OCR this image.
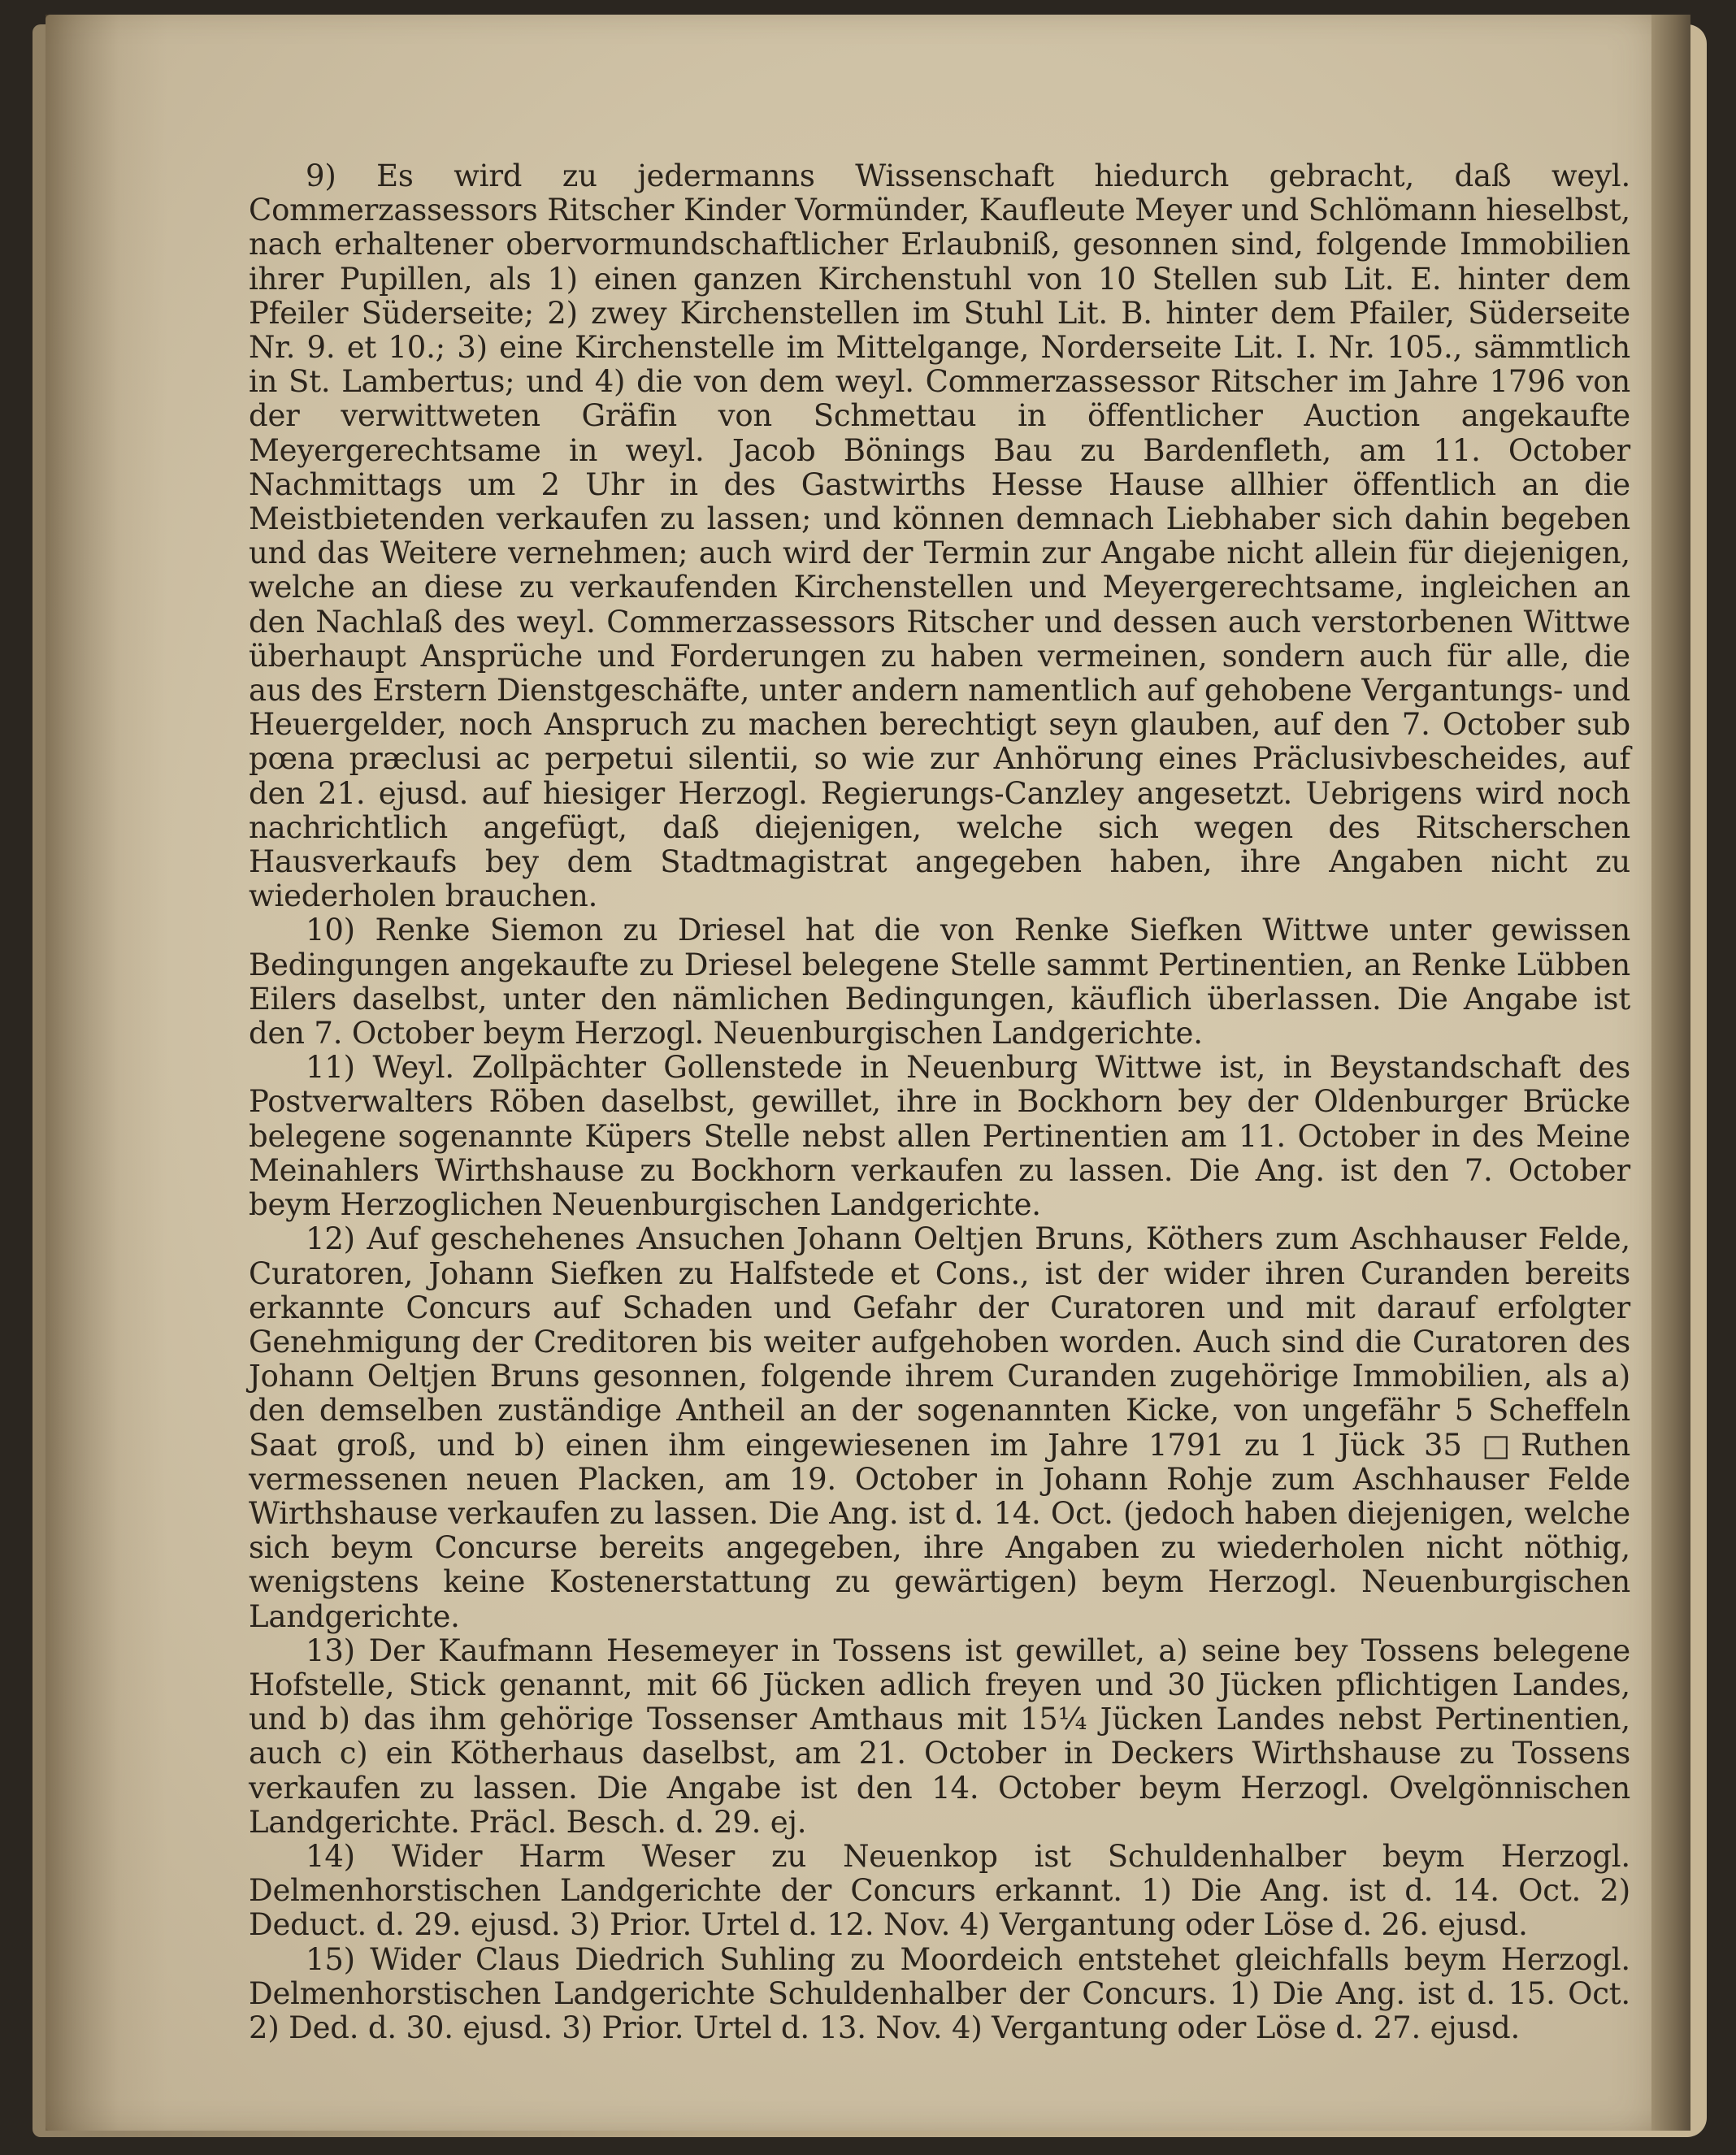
9) Es wird zu jedermanns Wissenschaft hiedurch gebracht, daß weyl. Commerzassessors Ritscher Kinder Vormünder, Kaufleute Meyer und Schlömann hieselbst, nach erhaltener obervormundschaftlicher Erlaubniß, gesonnen sind, folgende Immobilien ihrer Pupillen, als 1) einen ganzen Kirchenstuhl von 10 Stellen sub Lit. E. hinter dem Pfeiler Süderseite; 2) zwey Kirchenstellen im Stuhl Lit. B. hinter dem Pfailer, Süderseite Nr. 9. et 10.; 3) eine Kirchenstelle im Mittelgange, Norderseite Lit. I. Nr. 105., sämmtlich in St. Lambertus; und 4) die von dem weyl. Commerzassessor Ritscher im Jahre 1796 von der verwittweten Gräfin von Schmettau in öffentlicher Auction angekaufte Meyergerechtsame in weyl. Jacob Bönings Bau zu Bardenfleth, am 11. October Nachmittags um 2 Uhr in des Gastwirths Hesse Hause allhier öffentlich an die Meistbietenden verkaufen zu lassen; und können demnach Liebhaber sich dahin begeben und das Weitere vernehmen; auch wird der Termin zur Angabe nicht allein für diejenigen, welche an diese zu verkaufenden Kirchenstellen und Meyergerechtsame, ingleichen an den Nachlaß des weyl. Commerzassessors Ritscher und dessen auch verstorbenen Wittwe überhaupt Ansprüche und Forderungen zu haben vermeinen, sondern auch für alle, die aus des Erstern Dienstgeschäfte, unter andern namentlich auf gehobene Vergantungs- und Heuergelder, noch Anspruch zu machen berechtigt seyn glauben, auf den 7. October sub pœna præclusi ac perpetui silentii, so wie zur Anhörung eines Präclusivbescheides, auf den 21. ejusd. auf hiesiger Herzogl. Regierungs-Canzley angesetzt. Uebrigens wird noch nachrichtlich angefügt, daß diejenigen, welche sich wegen des Ritscherschen Hausverkaufs bey dem Stadtmagistrat angegeben haben, ihre Angaben nicht zu wiederholen brauchen.

10) Renke Siemon zu Driesel hat die von Renke Siefken Wittwe unter gewissen Bedingungen angekaufte zu Driesel belegene Stelle sammt Pertinentien, an Renke Lübben Eilers daselbst, unter den nämlichen Bedingungen, käuflich überlassen. Die Angabe ist den 7. October beym Herzogl. Neuenburgischen Landgerichte.

11) Weyl. Zollpächter Gollenstede in Neuenburg Wittwe ist, in Beystandschaft des Postverwalters Röben daselbst, gewillet, ihre in Bockhorn bey der Oldenburger Brücke belegene sogenannte Küpers Stelle nebst allen Pertinentien am 11. October in des Meine Meinahlers Wirthshause zu Bockhorn verkaufen zu lassen. Die Ang. ist den 7. October beym Herzoglichen Neuenburgischen Landgerichte.

12) Auf geschehenes Ansuchen Johann Oeltjen Bruns, Köthers zum Aschhauser Felde, Curatoren, Johann Siefken zu Halfstede et Cons., ist der wider ihren Curanden bereits erkannte Concurs auf Schaden und Gefahr der Curatoren und mit darauf erfolgter Genehmigung der Creditoren bis weiter aufgehoben worden. Auch sind die Curatoren des Johann Oeltjen Bruns gesonnen, folgende ihrem Curanden zugehörige Immobilien, als a) den demselben zuständige Antheil an der sogenannten Kicke, von ungefähr 5 Scheffeln Saat groß, und b) einen ihm eingewiesenen im Jahre 1791 zu 1 Jück 35 □Ruthen vermessenen neuen Placken, am 19. October in Johann Rohje zum Aschhauser Felde Wirthshause verkaufen zu lassen. Die Ang. ist d. 14. Oct. (jedoch haben diejenigen, welche sich beym Concurse bereits angegeben, ihre Angaben zu wiederholen nicht nöthig, wenigstens keine Kostenerstattung zu gewärtigen) beym Herzogl. Neuenburgischen Landgerichte.

13) Der Kaufmann Hesemeyer in Tossens ist gewillet, a) seine bey Tossens belegene Hofstelle, Stick genannt, mit 66 Jücken adlich freyen und 30 Jücken pflichtigen Landes, und b) das ihm gehörige Tossenser Amthaus mit 15¼ Jücken Landes nebst Pertinentien, auch c) ein Kötherhaus daselbst, am 21. October in Deckers Wirthshause zu Tossens verkaufen zu lassen. Die Angabe ist den 14. October beym Herzogl. Ovelgönnischen Landgerichte. Präcl. Besch. d. 29. ej.

14) Wider Harm Weser zu Neuenkop ist Schuldenhalber beym Herzogl. Delmenhorstischen Landgerichte der Concurs erkannt. 1) Die Ang. ist d. 14. Oct. 2) Deduct. d. 29. ejusd. 3) Prior. Urtel d. 12. Nov. 4) Vergantung oder Löse d. 26. ejusd.

15) Wider Claus Diedrich Suhling zu Moordeich entstehet gleichfalls beym Herzogl. Delmenhorstischen Landgerichte Schuldenhalber der Concurs. 1) Die Ang. ist d. 15. Oct. 2) Ded. d. 30. ejusd. 3) Prior. Urtel d. 13. Nov. 4) Vergantung oder Löse d. 27. ejusd.
